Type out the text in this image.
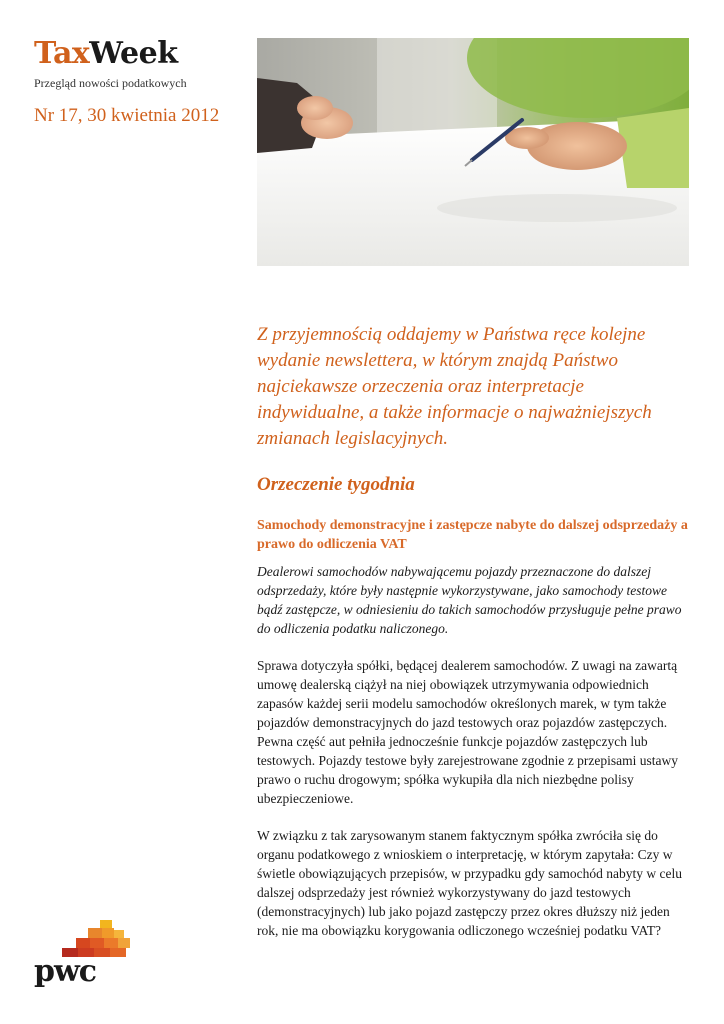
TaxWeek
Przegląd nowości podatkowych
Nr 17, 30 kwietnia 2012

Z przyjemnością oddajemy w Państwa ręce kolejne wydanie newslettera, w którym znajdą Państwo najciekawsze orzeczenia oraz interpretacje indywidualne, a także informacje o najważniejszych zmianach legislacyjnych.

Orzeczenie tygodnia
Samochody demonstracyjne i zastępcze nabyte do dalszej odsprzedaży a prawo do odliczenia VAT

Dealerowi samochodów nabywającemu pojazdy przeznaczone do dalszej odsprzedaży, które były następnie wykorzystywane, jako samochody testowe bądź zastępcze, w odniesieniu do takich samochodów przysługuje pełne prawo do odliczenia podatku naliczonego.

Sprawa dotyczyła spółki, będącej dealerem samochodów. Z uwagi na zawartą umowę dealerską ciążył na niej obowiązek utrzymywania odpowiednich zapasów każdej serii modelu samochodów określonych marek, w tym także pojazdów demonstracyjnych do jazd testowych oraz pojazdów zastępczych. Pewna część aut pełniła jednocześnie funkcje pojazdów zastępczych lub testowych. Pojazdy testowe były zarejestrowane zgodnie z przepisami ustawy prawo o ruchu drogowym; spółka wykupiła dla nich niezbędne polisy ubezpieczeniowe.

W związku z tak zarysowanym stanem faktycznym spółka zwróciła się do organu podatkowego z wnioskiem o interpretację, w którym zapytała: Czy w świetle obowiązujących przepisów, w przypadku gdy samochód nabyty w celu dalszej odsprzedaży jest również wykorzystywany do jazd testowych (demonstracyjnych) lub jako pojazd zastępczy przez okres dłuższy niż jeden rok, nie ma obowiązku korygowania odliczonego wcześniej podatku VAT?

pwc
